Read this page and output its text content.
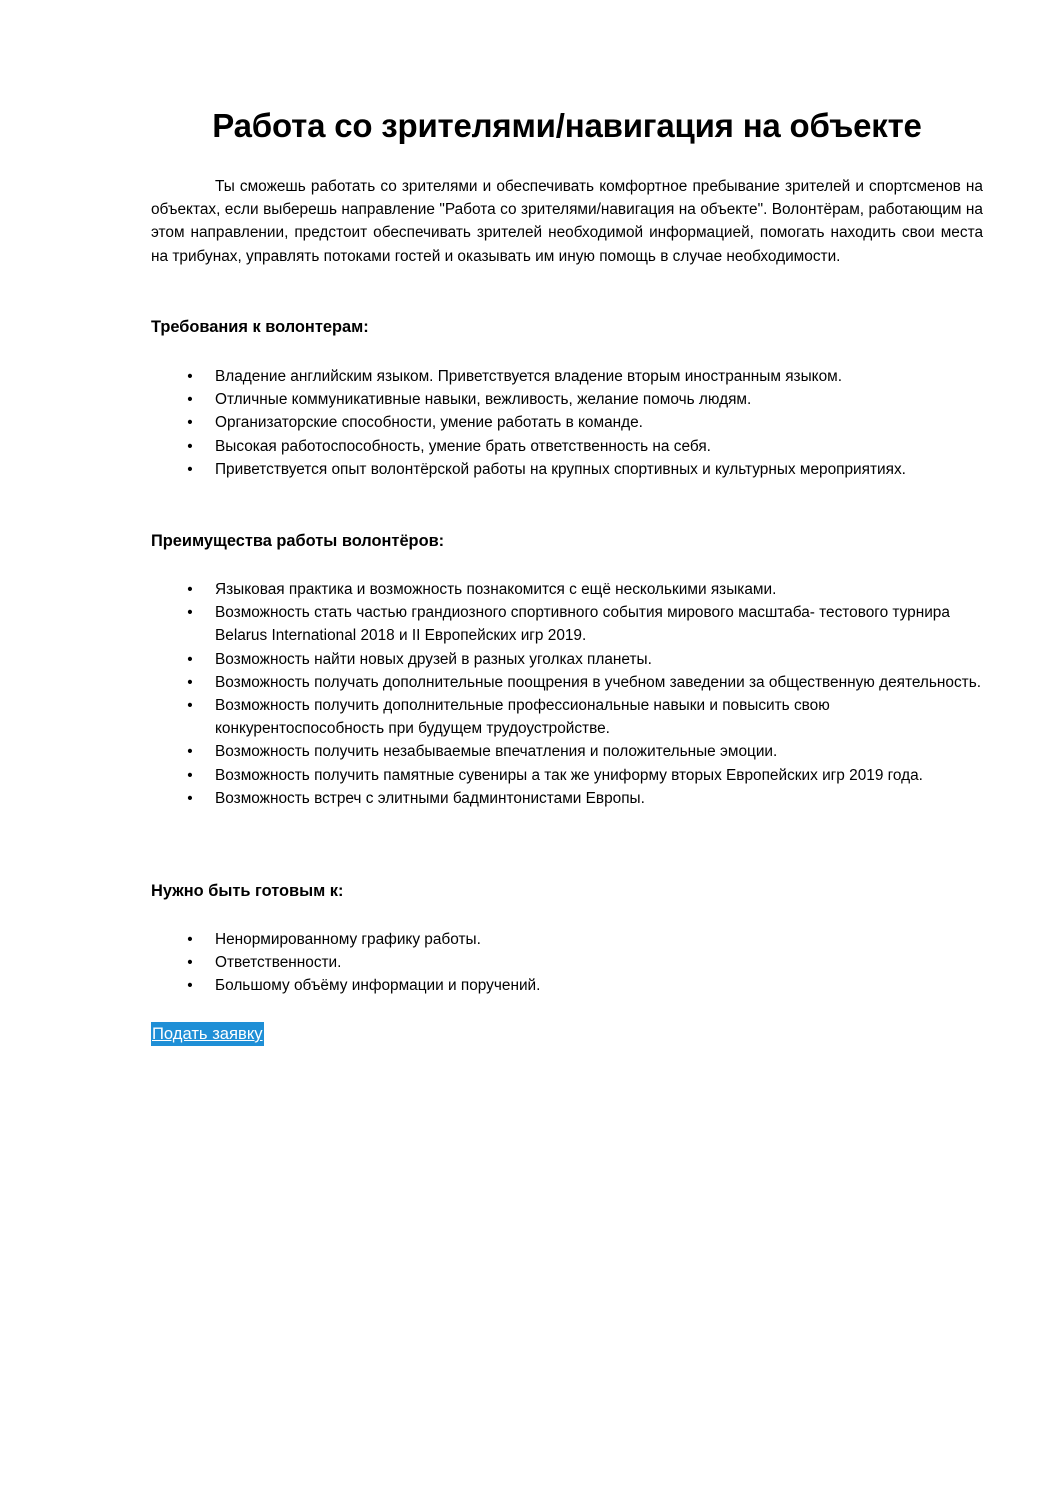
Работа со зрителями/навигация на объекте

Ты сможешь работать со зрителями и обеспечивать комфортное пребывание зрителей и спортсменов на объектах, если выберешь направление "Работа со зрителями/навигация на объекте". Волонтёрам, работающим на этом направлении, предстоит обеспечивать зрителей необходимой информацией, помогать находить свои места на трибунах, управлять потоками гостей и оказывать им иную помощь в случае необходимости.

Требования к волонтерам:
• Владение английским языком. Приветствуется владение вторым иностранным языком.
• Отличные коммуникативные навыки, вежливость, желание помочь людям.
• Организаторские способности, умение работать в команде.
• Высокая работоспособность, умение брать ответственность на себя.
• Приветствуется опыт волонтёрской работы на крупных спортивных и культурных мероприятиях.
Преимущества работы волонтёров:
• Языковая практика и возможность познакомится с ещё несколькими языками.
• Возможность стать частью грандиозного спортивного события мирового масштаба- тестового турнира Belarus International 2018 и II Европейских игр 2019.
• Возможность найти новых друзей в разных уголках планеты.
• Возможность получать дополнительные поощрения в учебном заведении за общественную деятельность.
• Возможность получить дополнительные профессиональные навыки и повысить свою конкурентоспособность при будущем трудоустройстве.
• Возможность получить незабываемые впечатления и положительные эмоции.
• Возможность получить памятные сувениры а так же униформу вторых Европейских игр 2019 года.
• Возможность встреч с элитными бадминтонистами Европы.
Нужно быть готовым к:
• Ненормированному графику работы.
• Ответственности.
• Большому объёму информации и поручений.
Подать заявку
